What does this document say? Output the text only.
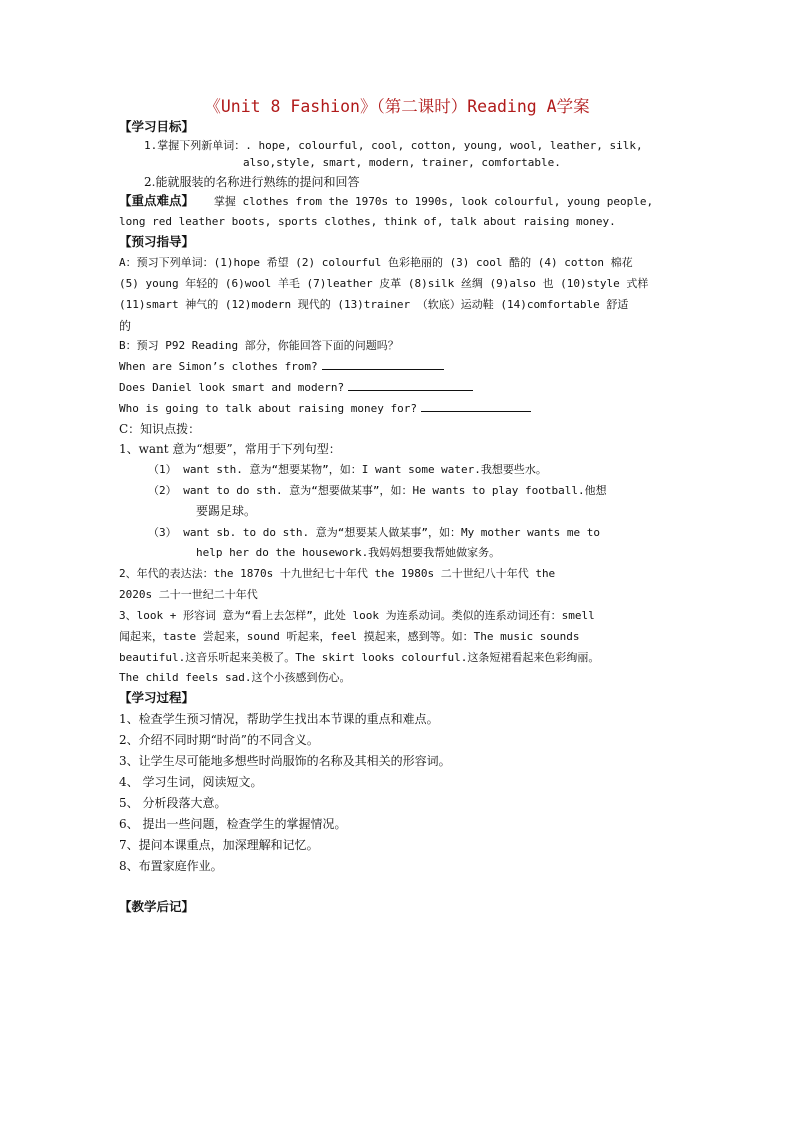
《Unit 8 Fashion》（第二课时）Reading A学案
【学习目标】
1.掌握下列新单词：. hope, colourful, cool, cotton, young, wool, leather, silk,
also,style, smart, modern, trainer, comfortable.
2.能就服装的名称进行熟练的提问和回答
【重点难点】 掌握 clothes from the 1970s to 1990s, look colourful, young people,
long red leather boots, sports clothes, think of, talk about raising money.
【预习指导】
A：预习下列单词：(1)hope 希望 (2) colourful 色彩艳丽的 (3) cool 酷的 (4) cotton 棉花
(5) young 年轻的 (6)wool 羊毛 (7)leather 皮革 (8)silk 丝绸 (9)also 也 (10)style 式样
(11)smart 神气的 (12)modern 现代的 (13)trainer （软底）运动鞋 (14)comfortable 舒适
的
B：预习 P92 Reading 部分，你能回答下面的问题吗？
When are Simon’s clothes from?
Does Daniel look smart and modern?
Who is going to talk about raising money for?
C：知识点拨：
1、want 意为“想要”，常用于下列句型：
（1） want sth. 意为“想要某物”，如：I want some water.我想要些水。
（2） want to do sth. 意为“想要做某事”，如：He wants to play football.他想
要踢足球。
（3） want sb. to do sth. 意为“想要某人做某事”，如：My mother wants me to
help her do the housework.我妈妈想要我帮她做家务。
2、年代的表达法：the 1870s 十九世纪七十年代 the 1980s 二十世纪八十年代 the
2020s 二十一世纪二十年代
3、look + 形容词 意为“看上去怎样”，此处 look 为连系动词。类似的连系动词还有：smell
闻起来，taste 尝起来，sound 听起来，feel 摸起来，感到等。如：The music sounds
beautiful.这音乐听起来美极了。The skirt looks colourful.这条短裙看起来色彩绚丽。
The child feels sad.这个小孩感到伤心。
【学习过程】
1、检查学生预习情况，帮助学生找出本节课的重点和难点。
2、介绍不同时期“时尚”的不同含义。
3、让学生尽可能地多想些时尚服饰的名称及其相关的形容词。
4、 学习生词，阅读短文。
5、 分析段落大意。
6、 提出一些问题，检查学生的掌握情况。
7、提问本课重点，加深理解和记忆。
8、布置家庭作业。
【教学后记】
